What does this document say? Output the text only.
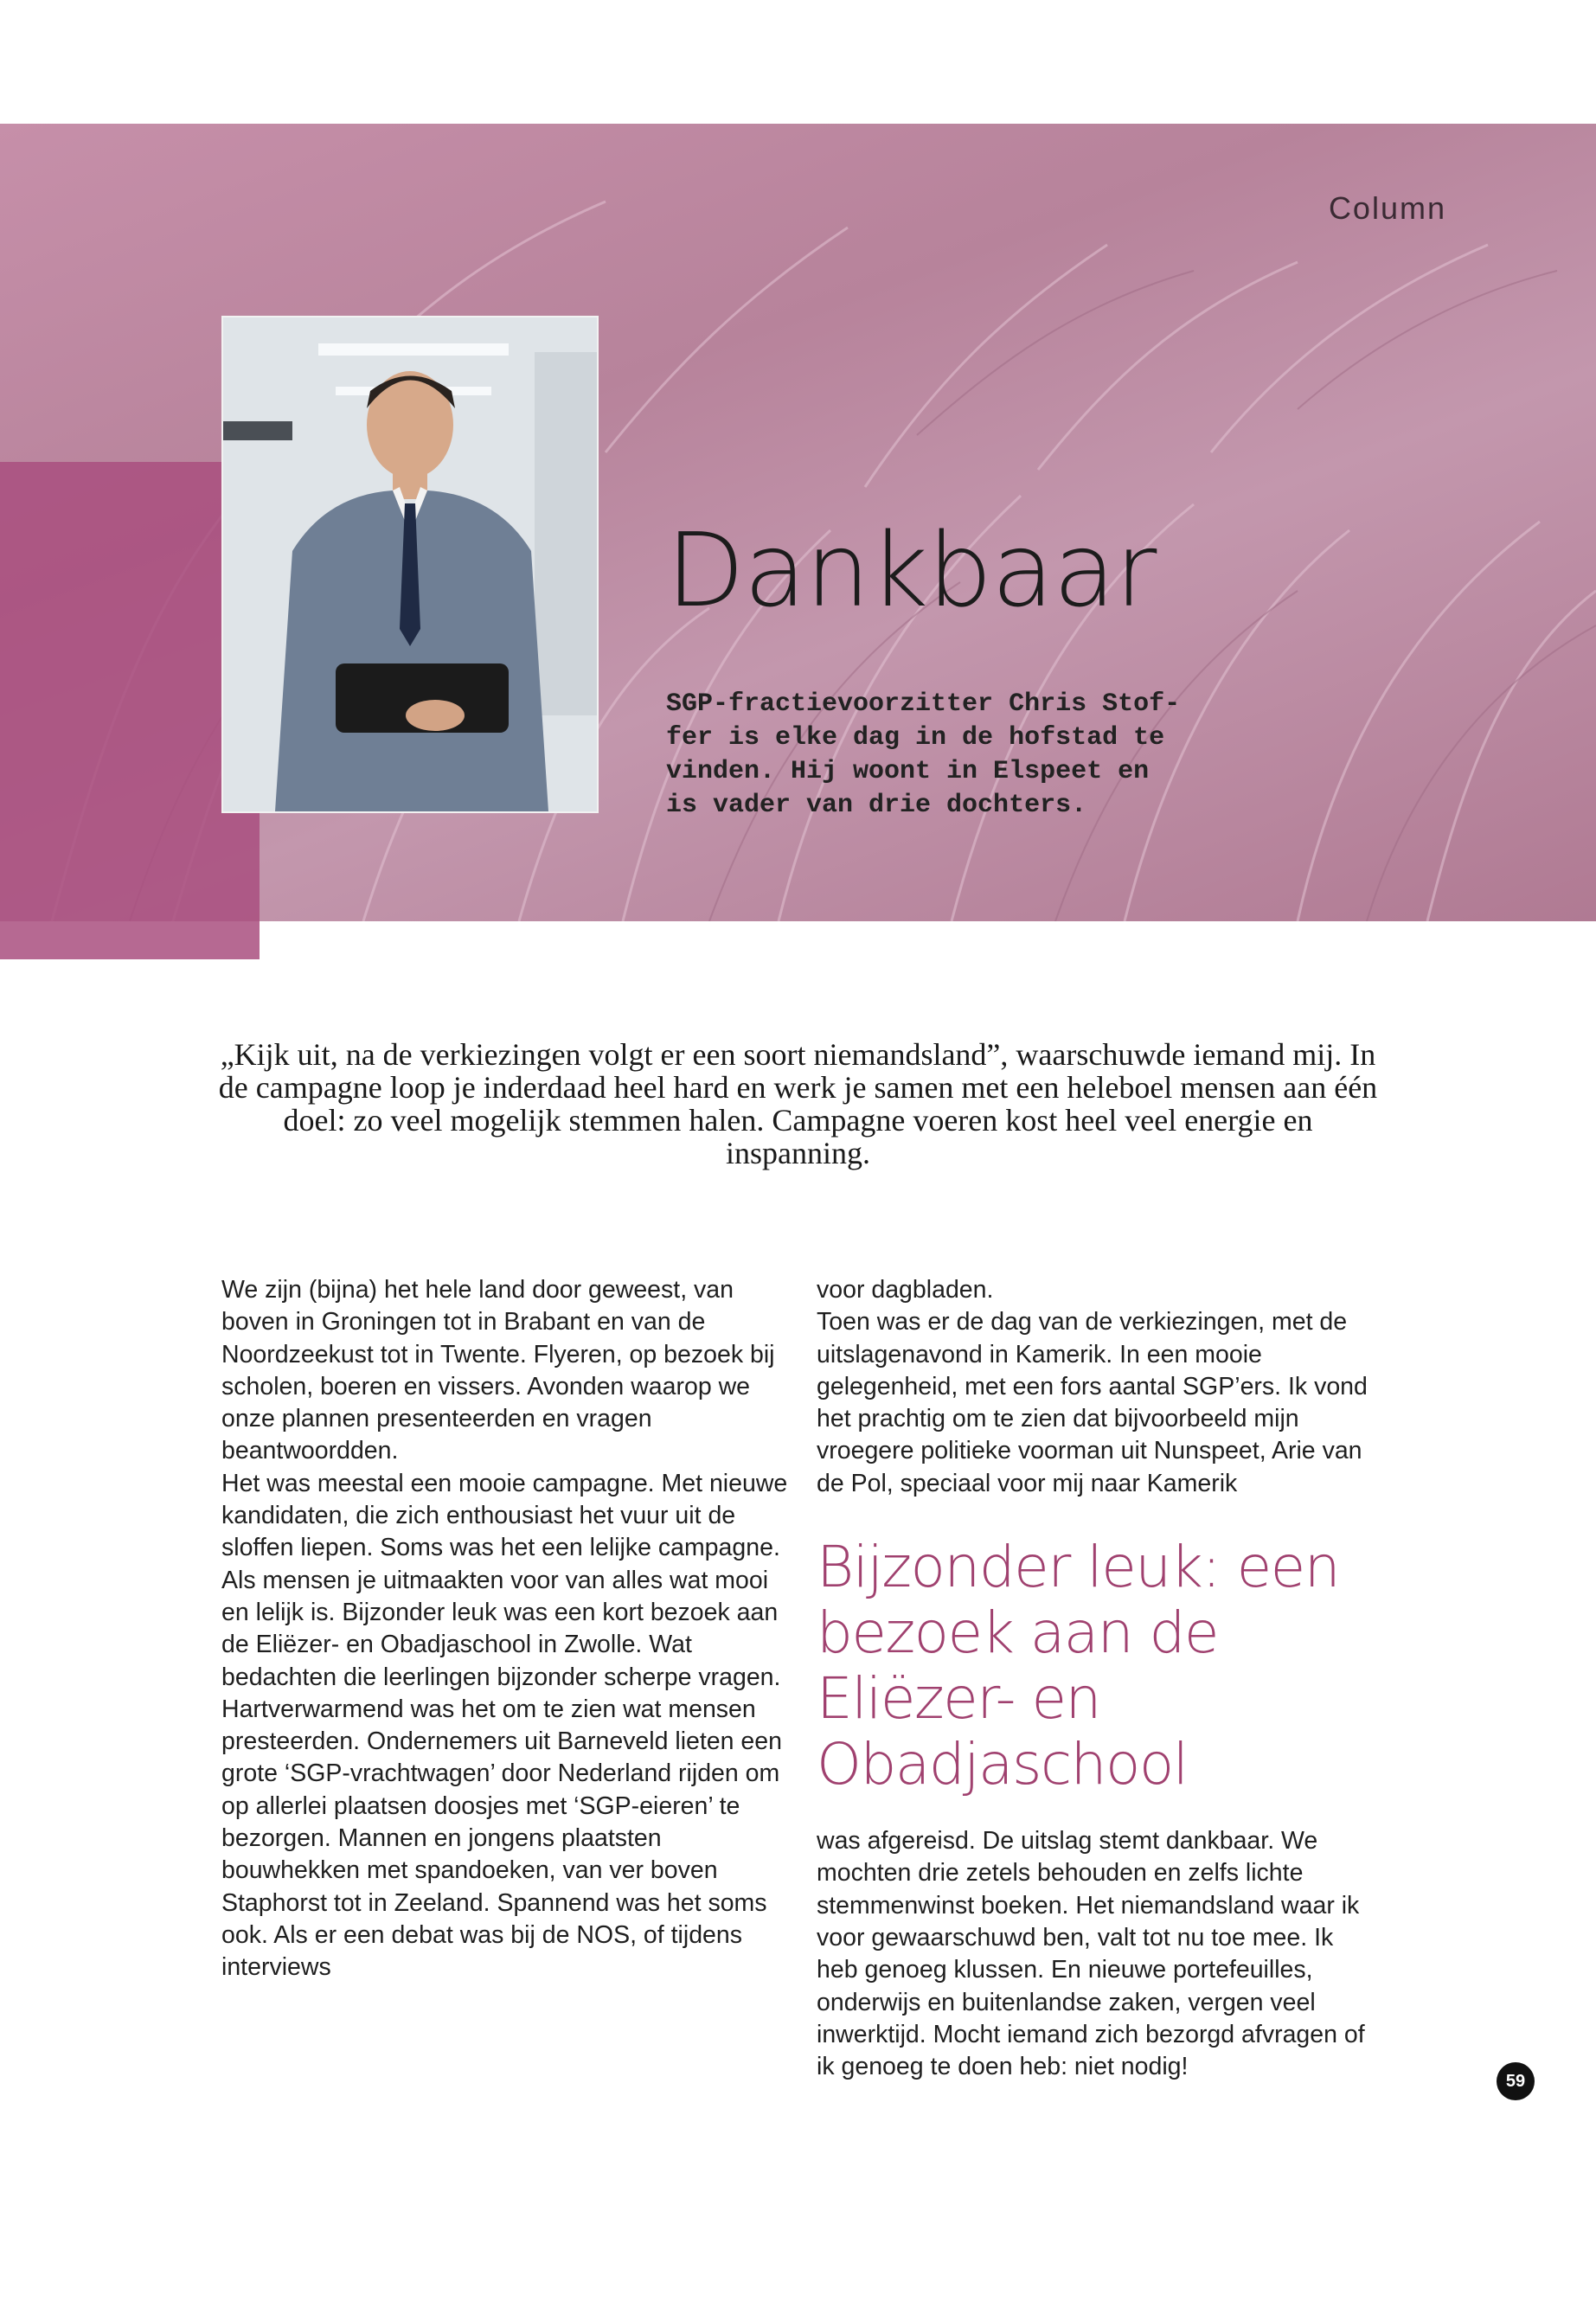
Column
Dankbaar
SGP-fractievoorzitter Chris Stof-
fer is elke dag in de hofstad te
vinden. Hij woont in Elspeet en
is vader van drie dochters.
„Kijk uit, na de verkiezingen volgt er een soort niemandsland”, waarschuwde iemand mij. In de campagne loop je inderdaad heel hard en werk je samen met een heleboel mensen aan één doel: zo veel mogelijk stemmen halen. Campagne voeren kost heel veel energie en inspanning.

We zijn (bijna) het hele land door geweest, van boven in Groningen tot in Brabant en van de Noordzeekust tot in Twente. Flyeren, op bezoek bij scholen, boeren en vissers. Avonden waarop we onze plannen presenteerden en vragen beantwoordden.

Het was meestal een mooie campagne. Met nieuwe kandidaten, die zich enthousiast het vuur uit de sloffen liepen. Soms was het een lelijke campagne. Als mensen je uitmaakten voor van alles wat mooi en lelijk is. Bijzonder leuk was een kort bezoek aan de Eliëzer- en Obadjaschool in Zwolle. Wat bedachten die leerlingen bijzonder scherpe vragen. Hartverwarmend was het om te zien wat mensen presteerden. Ondernemers uit Barneveld lieten een grote ‘SGP-vrachtwagen’ door Nederland rijden om op allerlei plaatsen doosjes met ‘SGP-eieren’ te bezorgen. Mannen en jongens plaatsten bouwhekken met spandoeken, van ver boven Staphorst tot in Zeeland. Spannend was het soms ook. Als er een debat was bij de NOS, of tijdens interviews

voor dagbladen.

Toen was er de dag van de verkiezingen, met de uitslagenavond in Kamerik. In een mooie gelegenheid, met een fors aantal SGP’ers. Ik vond het prachtig om te zien dat bijvoorbeeld mijn vroegere politieke voorman uit Nunspeet, Arie van de Pol, speciaal voor mij naar Kamerik

Bijzonder leuk: een bezoek aan de Eliëzer- en Obadjaschool

was afgereisd. De uitslag stemt dankbaar. We mochten drie zetels behouden en zelfs lichte stemmenwinst boeken. Het niemandsland waar ik voor gewaarschuwd ben, valt tot nu toe mee. Ik heb genoeg klussen. En nieuwe portefeuilles, onderwijs en buitenlandse zaken, vergen veel inwerktijd. Mocht iemand zich bezorgd afvragen of ik genoeg te doen heb: niet nodig!

59
